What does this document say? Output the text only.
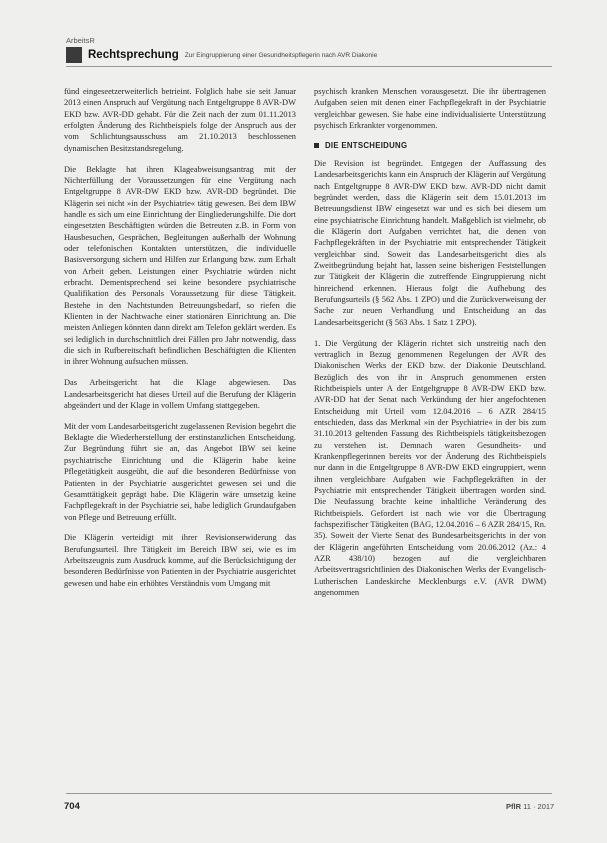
ArbeitsR
Rechtsprechung Zur Eingruppierung einer Gesundheitspflegerin nach AVR Diakonie

fünd eingeseetzerweiterlich betrieint. Folglich habe sie seit Januar 2013 einen Anspruch auf Vergütung nach Entgeltgruppe 8 AVR-DW EKD bzw. AVR-DD gehabt. Für die Zeit nach der zum 01.11.2013 erfolgten Änderung des Richtbeispiels folge der Anspruch aus der vom Schlichtungsausschuss am 21.10.2013 beschlossenen dynamischen Besitzstandsregelung.

Die Beklagte hat ihren Klageabweisungsantrag mit der Nichterfüllung der Voraussetzungen für eine Vergütung nach Entgeltgruppe 8 AVR-DW EKD bzw. AVR-DD begründet. Die Klägerin sei nicht »in der Psychiatrie« tätig gewesen. Bei dem IBW handle es sich um eine Einrichtung der Eingliederungshilfe. Die dort eingesetzten Beschäftigten würden die Betreuten z.B. in Form von Hausbesuchen, Gesprächen, Begleitungen außerhalb der Wohnung oder telefonischen Kontakten unterstützen, die individuelle Basisversorgung sichern und Hilfen zur Erlangung bzw. zum Erhalt von Arbeit geben. Leistungen einer Psychiatrie würden nicht erbracht. Dementsprechend sei keine besondere psychiatrische Qualifikation des Personals Voraussetzung für diese Tätigkeit. Bestehe in den Nachtstunden Betreuungsbedarf, so riefen die Klienten in der Nachtwache einer stationären Einrichtung an. Die meisten Anliegen könnten dann direkt am Telefon geklärt werden. Es sei lediglich in durchschnittlich drei Fällen pro Jahr notwendig, dass die sich in Rufbereitschaft befindlichen Beschäftigten die Klienten in ihrer Wohnung aufsuchen müssen.

Das Arbeitsgericht hat die Klage abgewiesen. Das Landesarbeitsgericht hat dieses Urteil auf die Berufung der Klägerin abgeändert und der Klage in vollem Umfang stattgegeben.

Mit der vom Landesarbeitsgericht zugelassenen Revision begehrt die Beklagte die Wiederherstellung der erstinstanzlichen Entscheidung. Zur Begründung führt sie an, das Angebot IBW sei keine psychiatrische Einrichtung und die Klägerin habe keine Pflegetätigkeit ausgeübt, die auf die besonderen Bedürfnisse von Patienten in der Psychiatrie ausgerichtet gewesen sei und die Gesamttätigkeit geprägt habe. Die Klägerin wäre umsetzig keine Fachpflegekraft in der Psychiatrie sei, habe lediglich Grundaufgaben von Pflege und Betreuung erfüllt.

Die Klägerin verteidigt mit ihrer Revisionserwiderung das Berufungsurteil. Ihre Tätigkeit im Bereich IBW sei, wie es im Arbeitszeugnis zum Ausdruck komme, auf die Berücksichtigung der besonderen Bedürfnisse von Patienten in der Psychiatrie ausgerichtet gewesen und habe ein erhöhtes Verständnis vom Umgang mit

psychisch kranken Menschen vorausgesetzt. Die ihr übertragenen Aufgaben seien mit denen einer Fachpflegekraft in der Psychiatrie vergleichbar gewesen. Sie habe eine individualisierte Unterstützung psychisch Erkrankter vorgenommen.

DIE ENTSCHEIDUNG

Die Revision ist begründet. Entgegen der Auffassung des Landesarbeitsgerichts kann ein Anspruch der Klägerin auf Vergütung nach Entgeltgruppe 8 AVR-DW EKD bzw. AVR-DD nicht damit begründet werden, dass die Klägerin seit dem 15.01.2013 im Betreuungsdienst IBW eingesetzt war und es sich bei diesem um eine psychiatrische Einrichtung handelt. Maßgeblich ist vielmehr, ob die Klägerin dort Aufgaben verrichtet hat, die denen von Fachpflegekräften in der Psychiatrie mit entsprechender Tätigkeit vergleichbar sind. Soweit das Landesarbeitsgericht dies als Zweitbegründung bejaht hat, lassen seine bisherigen Feststellungen zur Tätigkeit der Klägerin die zutreffende Eingruppierung nicht hinreichend erkennen. Hieraus folgt die Aufhebung des Berufungsurteils (§ 562 Abs. 1 ZPO) und die Zurückverweisung der Sache zur neuen Verhandlung und Entscheidung an das Landesarbeitsgericht (§ 563 Abs. 1 Satz 1 ZPO).

1. Die Vergütung der Klägerin richtet sich unstreitig nach den vertraglich in Bezug genommenen Regelungen der AVR des Diakonischen Werks der EKD bzw. der Diakonie Deutschland. Bezüglich des von ihr in Anspruch genommenen ersten Richtbeispiels unter A der Entgeltgruppe 8 AVR-DW EKD bzw. AVR-DD hat der Senat nach Verkündung der hier angefochtenen Entscheidung mit Urteil vom 12.04.2016 – 6 AZR 284/15 entschieden, dass das Merkmal »in der Psychiatrie« in der bis zum 31.10.2013 geltenden Fassung des Richtbeispiels tätigkeitsbezogen zu verstehen ist. Demnach waren Gesundheits- und Krankenpflegerinnen bereits vor der Änderung des Richtbeispiels nur dann in die Entgeltgruppe 8 AVR-DW EKD eingruppiert, wenn ihnen vergleichbare Aufgaben wie Fachpflegekräften in der Psychiatrie mit entsprechender Tätigkeit übertragen worden sind. Die Neufassung brachte keine inhaltliche Veränderung des Richtbeispiels. Gefordert ist nach wie vor die Übertragung fachspezifischer Tätigkeiten (BAG, 12.04.2016 – 6 AZR 284/15, Rn. 35). Soweit der Vierte Senat des Bundesarbeitsgerichts in der von der Klägerin angeführten Entscheidung vom 20.06.2012 (Az.: 4 AZR 438/10) bezogen auf die vergleichbaren Arbeitsvertragsrichtlinien des Diakonischen Werks der Evangelisch-Lutherischen Landeskirche Mecklenburgs e.V. (AVR DWM) angenommen

704	PflR 11 · 2017
